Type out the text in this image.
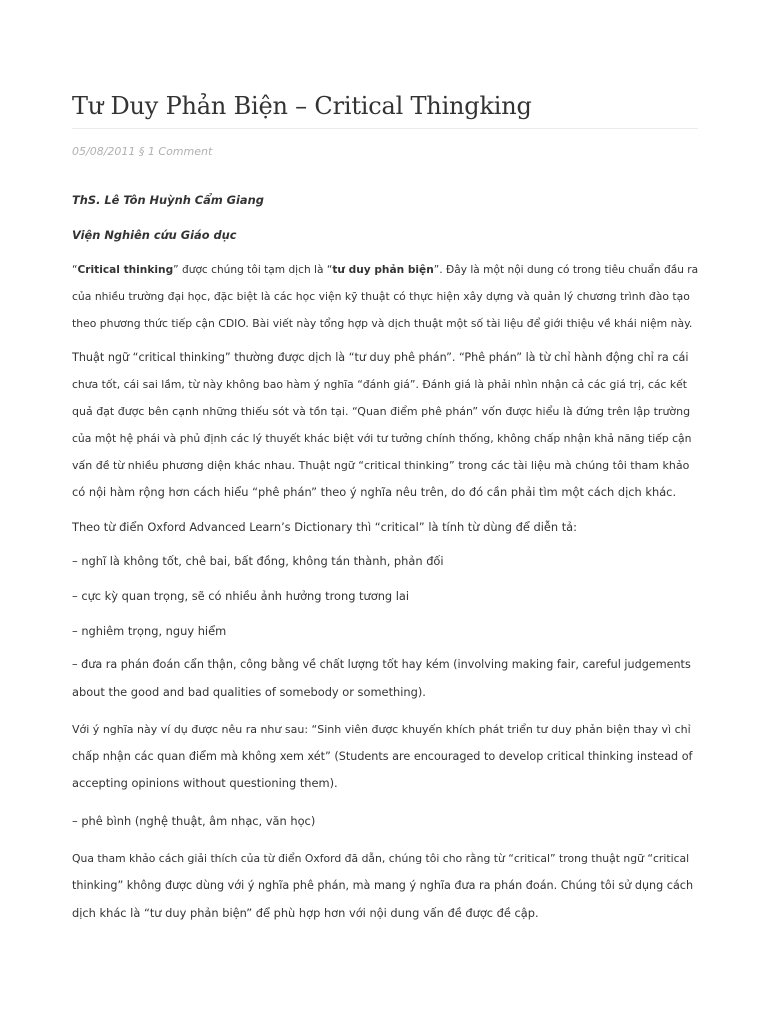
Tư Duy Phản Biện – Critical Thingking
05/08/2011 § 1 Comment
ThS. Lê Tôn Huỳnh Cẩm Giang
Viện Nghiên cứu Giáo dục
“Critical thinking” được chúng tôi tạm dịch là “tư duy phản biện”. Đây là một nội dung có trong tiêu chuẩn đầu ra
của nhiều trường đại học, đặc biệt là các học viện kỹ thuật có thực hiện xây dựng và quản lý chương trình đào tạo
theo phương thức tiếp cận CDIO. Bài viết này tổng hợp và dịch thuật một số tài liệu để giới thiệu về khái niệm này.
Thuật ngữ “critical thinking” thường được dịch là “tư duy phê phán”. “Phê phán” là từ chỉ hành động chỉ ra cái
chưa tốt, cái sai lầm, từ này không bao hàm ý nghĩa “đánh giá”. Đánh giá là phải nhìn nhận cả các giá trị, các kết
quả đạt được bên cạnh những thiếu sót và tồn tại. “Quan điểm phê phán” vốn được hiểu là đứng trên lập trường
của một hệ phái và phủ định các lý thuyết khác biệt với tư tưởng chính thống, không chấp nhận khả năng tiếp cận
vấn đề từ nhiều phương diện khác nhau. Thuật ngữ “critical thinking” trong các tài liệu mà chúng tôi tham khảo
có nội hàm rộng hơn cách hiểu “phê phán” theo ý nghĩa nêu trên, do đó cần phải tìm một cách dịch khác.
Theo từ điển Oxford Advanced Learn’s Dictionary thì “critical” là tính từ dùng để diễn tả:
– nghĩ là không tốt, chê bai, bất đồng, không tán thành, phản đối
– cực kỳ quan trọng, sẽ có nhiều ảnh hưởng trong tương lai
– nghiêm trọng, nguy hiểm
– đưa ra phán đoán cẩn thận, công bằng về chất lượng tốt hay kém (involving making fair, careful judgements
about the good and bad qualities of somebody or something).
Với ý nghĩa này ví dụ được nêu ra như sau: “Sinh viên được khuyến khích phát triển tư duy phản biện thay vì chỉ
chấp nhận các quan điểm mà không xem xét” (Students are encouraged to develop critical thinking instead of
accepting opinions without questioning them).
– phê bình (nghệ thuật, âm nhạc, văn học)
Qua tham khảo cách giải thích của từ điển Oxford đã dẫn, chúng tôi cho rằng từ “critical” trong thuật ngữ “critical
thinking” không được dùng với ý nghĩa phê phán, mà mang ý nghĩa đưa ra phán đoán. Chúng tôi sử dụng cách
dịch khác là “tư duy phản biện” để phù hợp hơn với nội dung vấn đề được đề cập.
